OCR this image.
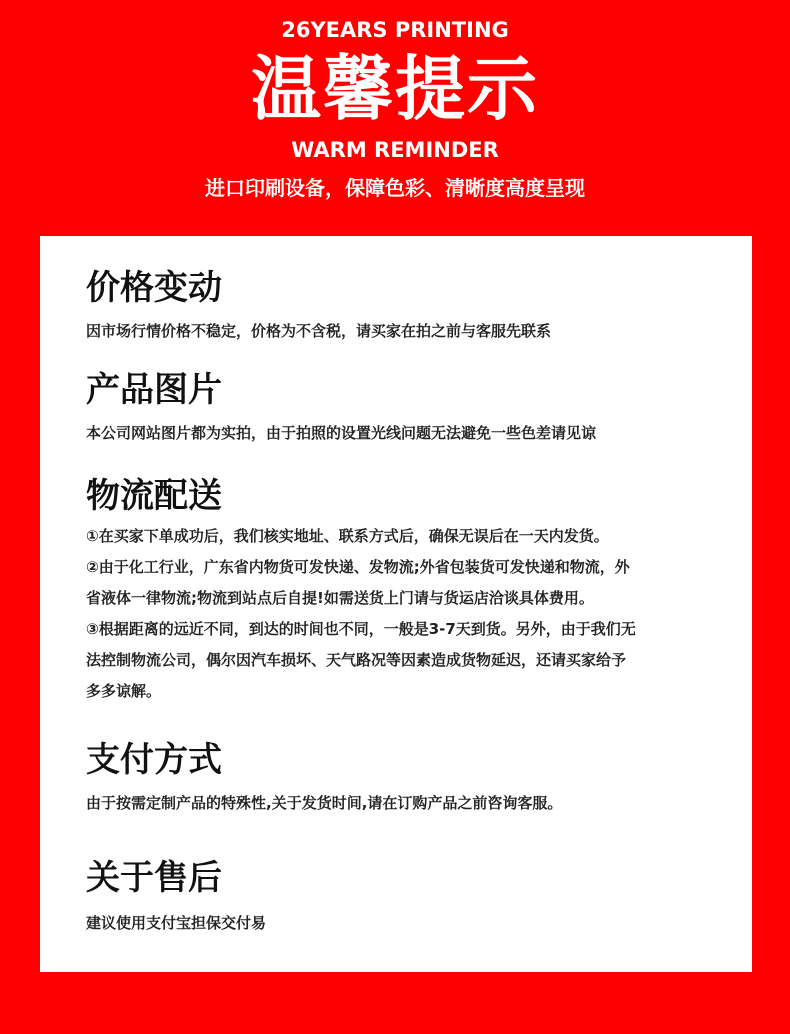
26YEARS PRINTING
温馨提示
WARM REMINDER
进口印刷设备，保障色彩、清晰度高度呈现
价格变动

因市场行情价格不稳定，价格为不含税，请买家在拍之前与客服先联系

产品图片

本公司网站图片都为实拍，由于拍照的设置光线问题无法避免一些色差请见谅

物流配送

①在买家下单成功后，我们核实地址、联系方式后，确保无误后在一天内发货。

②由于化工行业，广东省内物货可发快递、发物流;外省包装货可发快递和物流，外

省液体一律物流;物流到站点后自提!如需送货上门请与货运店洽谈具体费用。

③根据距离的远近不同，到达的时间也不同，一般是3-7天到货。另外，由于我们无

法控制物流公司，偶尔因汽车损坏、天气路况等因素造成货物延迟，还请买家给予

多多谅解。

支付方式

由于按需定制产品的特殊性,关于发货时间,请在订购产品之前咨询客服。

关于售后

建议使用支付宝担保交付易
